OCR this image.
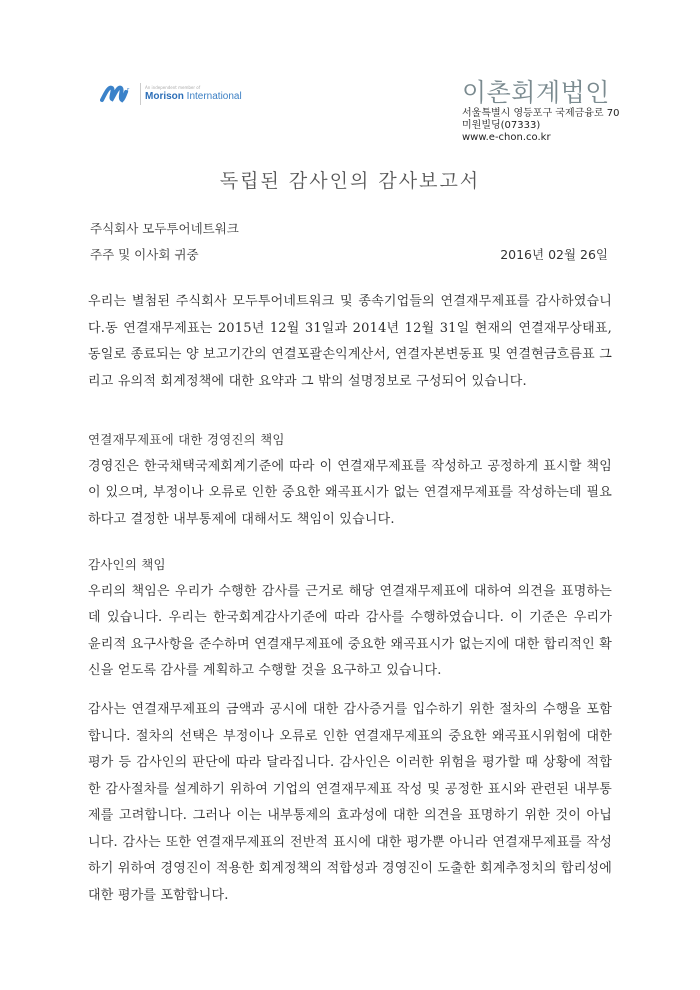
r	An independent member of
Morison International	이촌회계법인
서울특별시 영등포구 국제금융로 70
미원빌딩(07333)
www.e-chon.co.kr
독립된 감사인의 감사보고서
주식회사 모두투어네트워크
주주 및 이사회 귀중	2016년 02월 26일

우리는 별첨된 주식회사 모두투어네트워크 및 종속기업들의 연결재무제표를 감사하였습니다.동 연결재무제표는 2015년 12월 31일과 2014년 12월 31일 현재의 연결재무상태표, 동일로 종료되는 양 보고기간의 연결포괄손익계산서, 연결자본변동표 및 연결현금흐름표 그리고 유의적 회계정책에 대한 요약과 그 밖의 설명정보로 구성되어 있습니다.

연결재무제표에 대한 경영진의 책임

경영진은 한국채택국제회계기준에 따라 이 연결재무제표를 작성하고 공정하게 표시할 책임이 있으며, 부정이나 오류로 인한 중요한 왜곡표시가 없는 연결재무제표를 작성하는데 필요하다고 결정한 내부통제에 대해서도 책임이 있습니다.

감사인의 책임

우리의 책임은 우리가 수행한 감사를 근거로 해당 연결재무제표에 대하여 의견을 표명하는데 있습니다. 우리는 한국회계감사기준에 따라 감사를 수행하였습니다. 이 기준은 우리가 윤리적 요구사항을 준수하며 연결재무제표에 중요한 왜곡표시가 없는지에 대한 합리적인 확신을 얻도록 감사를 계획하고 수행할 것을 요구하고 있습니다.

감사는 연결재무제표의 금액과 공시에 대한 감사증거를 입수하기 위한 절차의 수행을 포함합니다. 절차의 선택은 부정이나 오류로 인한 연결재무제표의 중요한 왜곡표시위험에 대한 평가 등 감사인의 판단에 따라 달라집니다. 감사인은 이러한 위험을 평가할 때 상황에 적합한 감사절차를 설계하기 위하여 기업의 연결재무제표 작성 및 공정한 표시와 관련된 내부통제를 고려합니다. 그러나 이는 내부통제의 효과성에 대한 의견을 표명하기 위한 것이 아닙니다. 감사는 또한 연결재무제표의 전반적 표시에 대한 평가뿐 아니라 연결재무제표를 작성하기 위하여 경영진이 적용한 회계정책의 적합성과 경영진이 도출한 회계추정치의 합리성에 대한 평가를 포함합니다.
